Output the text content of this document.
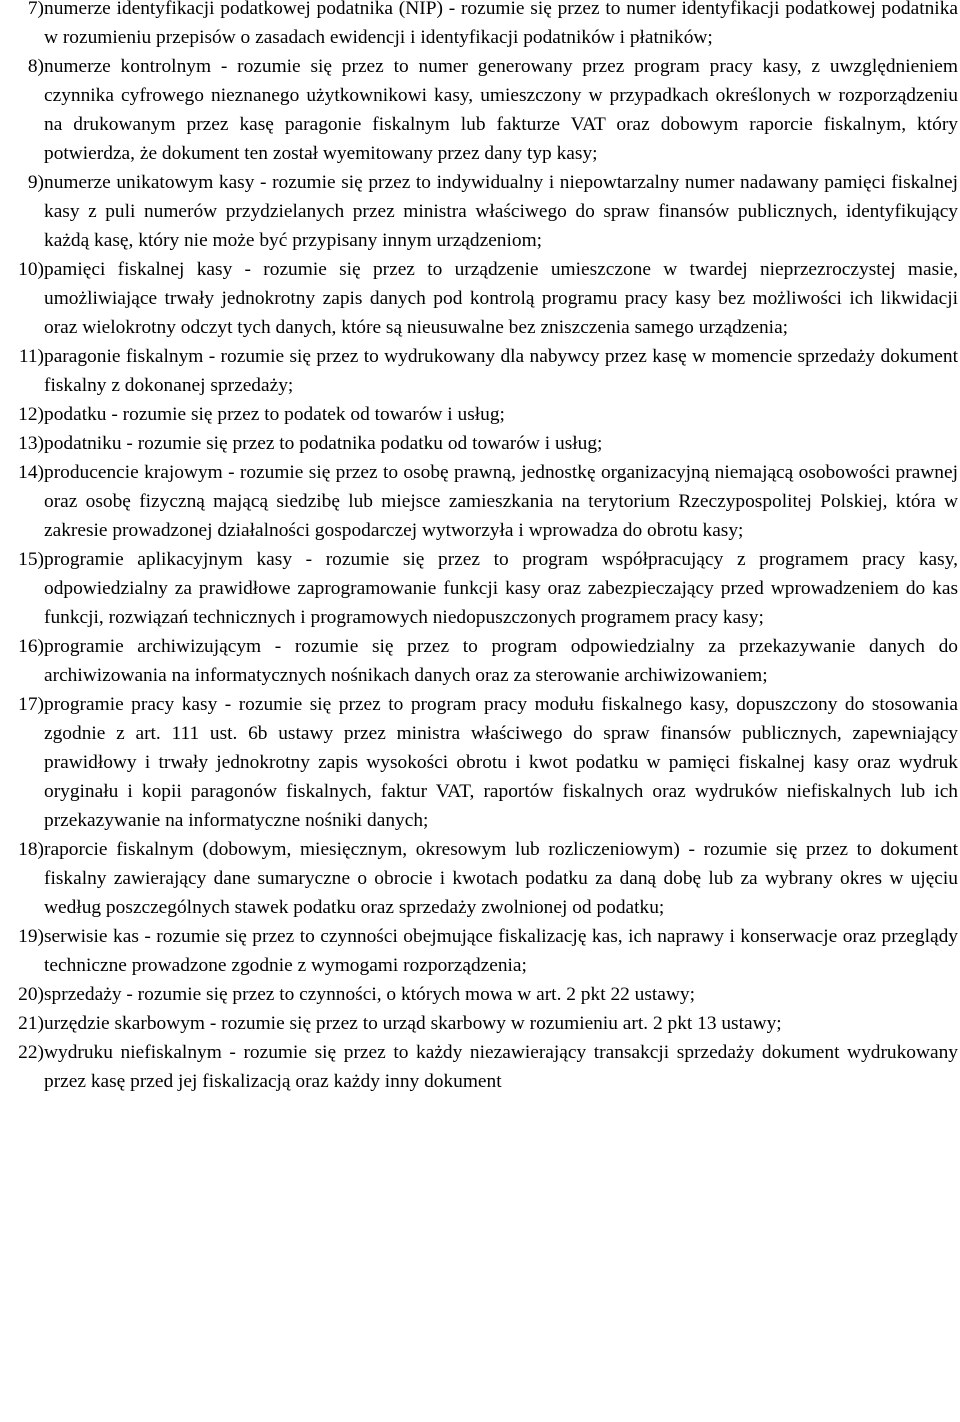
7) numerze identyfikacji podatkowej podatnika (NIP) - rozumie się przez to numer identyfikacji podatkowej podatnika w rozumieniu przepisów o zasadach ewidencji i identyfikacji podatników i płatników;
8) numerze kontrolnym - rozumie się przez to numer generowany przez program pracy kasy, z uwzględnieniem czynnika cyfrowego nieznanego użytkownikowi kasy, umieszczony w przypadkach określonych w rozporządzeniu na drukowanym przez kasę paragonie fiskalnym lub fakturze VAT oraz dobowym raporcie fiskalnym, który potwierdza, że dokument ten został wyemitowany przez dany typ kasy;
9) numerze unikatowym kasy - rozumie się przez to indywidualny i niepowtarzalny numer nadawany pamięci fiskalnej kasy z puli numerów przydzielanych przez ministra właściwego do spraw finansów publicznych, identyfikujący każdą kasę, który nie może być przypisany innym urządzeniom;
10) pamięci fiskalnej kasy - rozumie się przez to urządzenie umieszczone w twardej nieprzezroczystej masie, umożliwiające trwały jednokrotny zapis danych pod kontrolą programu pracy kasy bez możliwości ich likwidacji oraz wielokrotny odczyt tych danych, które są nieusuwalne bez zniszczenia samego urządzenia;
11) paragonie fiskalnym - rozumie się przez to wydrukowany dla nabywcy przez kasę w momencie sprzedaży dokument fiskalny z dokonanej sprzedaży;
12) podatku - rozumie się przez to podatek od towarów i usług;
13) podatniku - rozumie się przez to podatnika podatku od towarów i usług;
14) producencie krajowym - rozumie się przez to osobę prawną, jednostkę organizacyjną niemającą osobowości prawnej oraz osobę fizyczną mającą siedzibę lub miejsce zamieszkania na terytorium Rzeczypospolitej Polskiej, która w zakresie prowadzonej działalności gospodarczej wytworzyła i wprowadza do obrotu kasy;
15) programie aplikacyjnym kasy - rozumie się przez to program współpracujący z programem pracy kasy, odpowiedzialny za prawidłowe zaprogramowanie funkcji kasy oraz zabezpieczający przed wprowadzeniem do kas funkcji, rozwiązań technicznych i programowych niedopuszczonych programem pracy kasy;
16) programie archiwizującym - rozumie się przez to program odpowiedzialny za przekazywanie danych do archiwizowania na informatycznych nośnikach danych oraz za sterowanie archiwizowaniem;
17) programie pracy kasy - rozumie się przez to program pracy modułu fiskalnego kasy, dopuszczony do stosowania zgodnie z art. 111 ust. 6b ustawy przez ministra właściwego do spraw finansów publicznych, zapewniający prawidłowy i trwały jednokrotny zapis wysokości obrotu i kwot podatku w pamięci fiskalnej kasy oraz wydruk oryginału i kopii paragonów fiskalnych, faktur VAT, raportów fiskalnych oraz wydruków niefiskalnych lub ich przekazywanie na informatyczne nośniki danych;
18) raporcie fiskalnym (dobowym, miesięcznym, okresowym lub rozliczeniowym) - rozumie się przez to dokument fiskalny zawierający dane sumaryczne o obrocie i kwotach podatku za daną dobę lub za wybrany okres w ujęciu według poszczególnych stawek podatku oraz sprzedaży zwolnionej od podatku;
19) serwisie kas - rozumie się przez to czynności obejmujące fiskalizację kas, ich naprawy i konserwacje oraz przeglądy techniczne prowadzone zgodnie z wymogami rozporządzenia;
20) sprzedaży - rozumie się przez to czynności, o których mowa w art. 2 pkt 22 ustawy;
21) urzędzie skarbowym - rozumie się przez to urząd skarbowy w rozumieniu art. 2 pkt 13 ustawy;
22) wydruku niefiskalnym - rozumie się przez to każdy niezawierający transakcji sprzedaży dokument wydrukowany przez kasę przed jej fiskalizacją oraz każdy inny dokument
